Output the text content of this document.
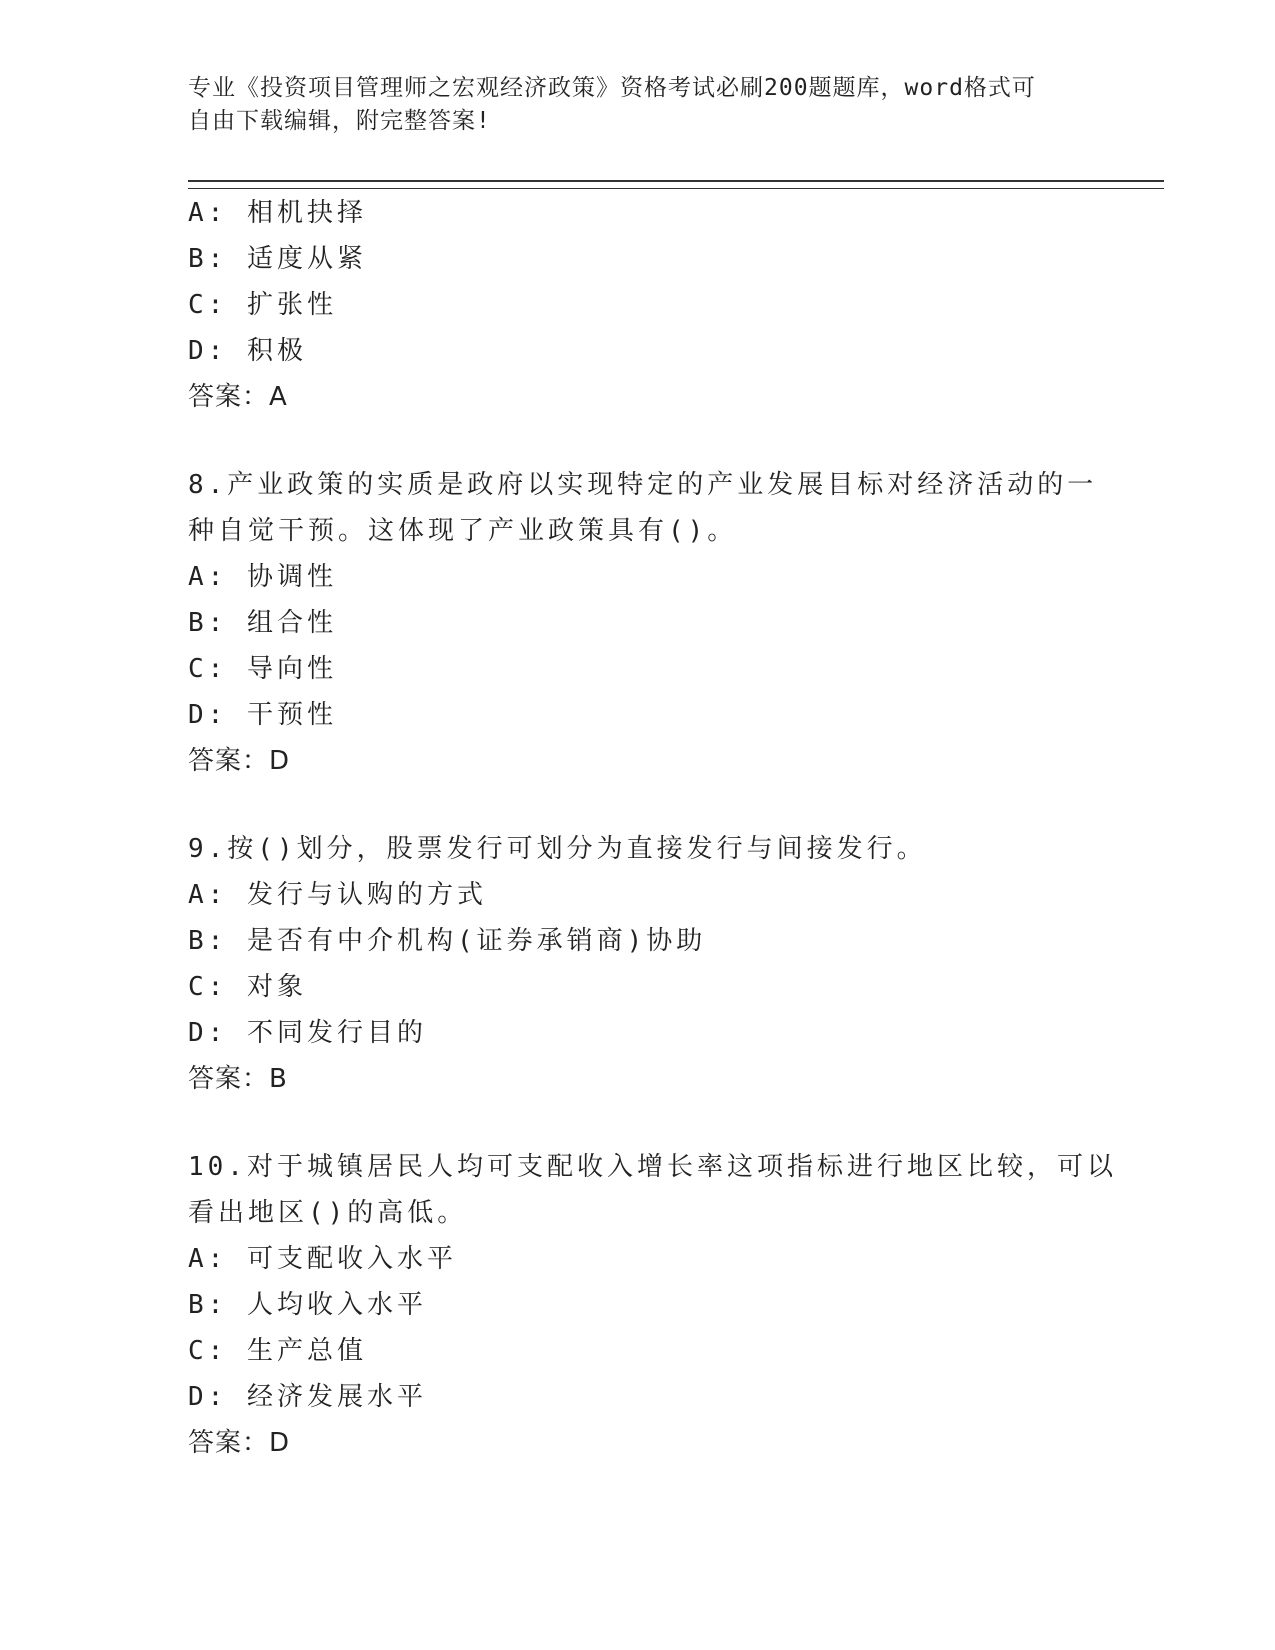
专业《投资项目管理师之宏观经济政策》资格考试必刷200题题库，word格式可
自由下载编辑，附完整答案!
A: 相机抉择
B: 适度从紧
C: 扩张性
D: 积极
答案：A
8.产业政策的实质是政府以实现特定的产业发展目标对经济活动的一
种自觉干预。这体现了产业政策具有()。
A: 协调性
B: 组合性
C: 导向性
D: 干预性
答案：D
9.按()划分，股票发行可划分为直接发行与间接发行。
A: 发行与认购的方式
B: 是否有中介机构(证券承销商)协助
C: 对象
D: 不同发行目的
答案：B
10.对于城镇居民人均可支配收入增长率这项指标进行地区比较，可以
看出地区()的高低。
A: 可支配收入水平
B: 人均收入水平
C: 生产总值
D: 经济发展水平
答案：D
